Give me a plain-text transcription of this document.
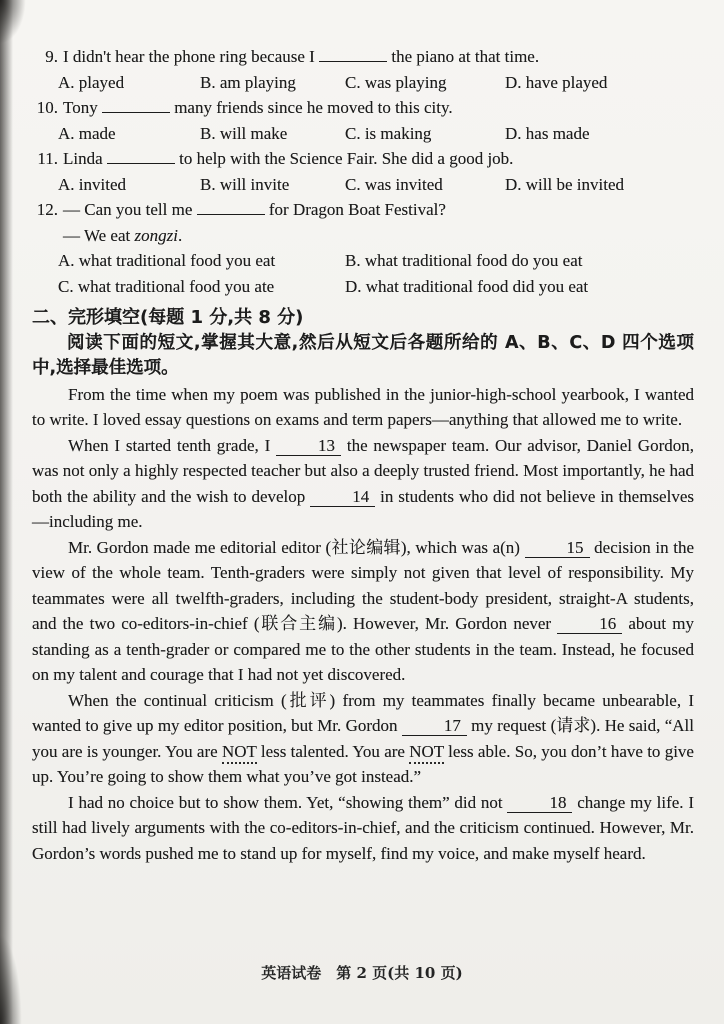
9. I didn't hear the phone ring because I	the piano at that time.
A. played	B. am playing	C. was playing	D. have played
10. Tony	many friends since he moved to this city.
A. made	B. will make	C. is making	D. has made
11. Linda	to help with the Science Fair. She did a good job.
A. invited	B. will invite	C. was invited	D. will be invited
12. — Can you tell me	for Dragon Boat Festival?
— We eat zongzi.
A. what traditional food you eat	B. what traditional food do you eat
C. what traditional food you ate	D. what traditional food did you eat
二、完形填空(每题 1 分,共 8 分)
阅读下面的短文,掌握其大意,然后从短文后各题所给的 A、B、C、D 四个选项中,选择最佳选项。

From the time when my poem was published in the junior-high-school yearbook, I wanted to write. I loved essay questions on exams and term papers—anything that allowed me to write.

When I started tenth grade, I 13 the newspaper team. Our advisor, Daniel Gordon, was not only a highly respected teacher but also a deeply trusted friend. Most importantly, he had both the ability and the wish to develop 14 in students who did not believe in themselves—including me.

Mr. Gordon made me editorial editor (社论编辑), which was a(n) 15 decision in the view of the whole team. Tenth-graders were simply not given that level of responsibility. My teammates were all twelfth-graders, including the student-body president, straight-A students, and the two co-editors-in-chief (联合主编). However, Mr. Gordon never 16 about my standing as a tenth-grader or compared me to the other students in the team. Instead, he focused on my talent and courage that I had not yet discovered.

When the continual criticism (批评) from my teammates finally became unbearable, I wanted to give up my editor position, but Mr. Gordon 17 my request (请求). He said, “All you are is younger. You are NOT less talented. You are NOT less able. So, you don’t have to give up. You’re going to show them what you’ve got instead.”

I had no choice but to show them. Yet, “showing them” did not 18 change my life. I still had lively arguments with the co-editors-in-chief, and the criticism continued. However, Mr. Gordon’s words pushed me to stand up for myself, find my voice, and make myself heard.

英语试卷　第 2 页(共 10 页)
